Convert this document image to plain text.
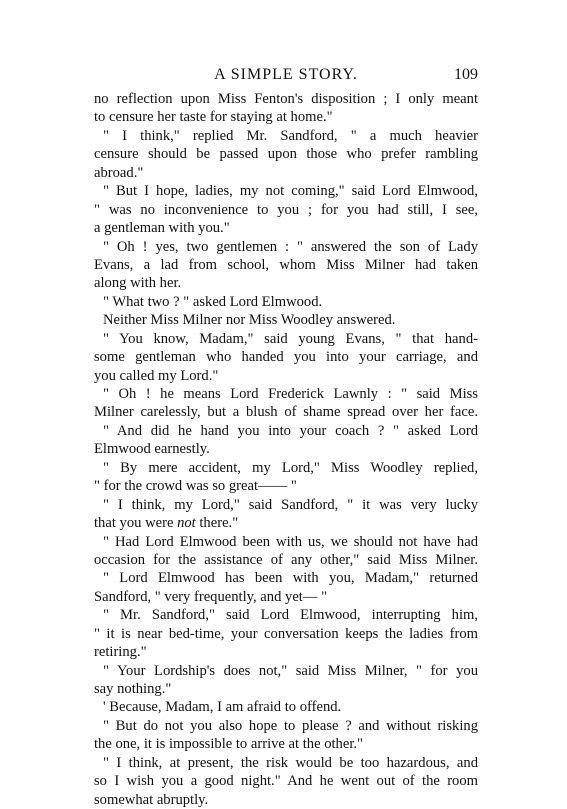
A SIMPLE STORY.	109
no reflection upon Miss Fenton's disposition ; I only meant
to censure her taste for staying at home."
" I think," replied Mr. Sandford, " a much heavier
censure should be passed upon those who prefer rambling
abroad."
" But I hope, ladies, my not coming," said Lord Elmwood,
" was no inconvenience to you ; for you had still, I see,
a gentleman with you."
" Oh ! yes, two gentlemen : " answered the son of Lady
Evans, a lad from school, whom Miss Milner had taken
along with her.
" What two ? " asked Lord Elmwood.
Neither Miss Milner nor Miss Woodley answered.
" You know, Madam," said young Evans, " that hand-
some gentleman who handed you into your carriage, and
you called my Lord."
" Oh ! he means Lord Frederick Lawnly : " said Miss
Milner carelessly, but a blush of shame spread over her face.
" And did he hand you into your coach ? " asked Lord
Elmwood earnestly.
" By mere accident, my Lord," Miss Woodley replied,
" for the crowd was so great—— "
" I think, my Lord," said Sandford, " it was very lucky
that you were not there."
" Had Lord Elmwood been with us, we should not have had
occasion for the assistance of any other," said Miss Milner.
" Lord Elmwood has been with you, Madam," returned
Sandford, " very frequently, and yet— "
" Mr. Sandford," said Lord Elmwood, interrupting him,
" it is near bed-time, your conversation keeps the ladies from
retiring."
" Your Lordship's does not," said Miss Milner, " for you
say nothing."
' Because, Madam, I am afraid to offend.
" But do not you also hope to please ? and without risking
the one, it is impossible to arrive at the other."
" I think, at present, the risk would be too hazardous, and
so I wish you a good night." And he went out of the room
somewhat abruptly.
